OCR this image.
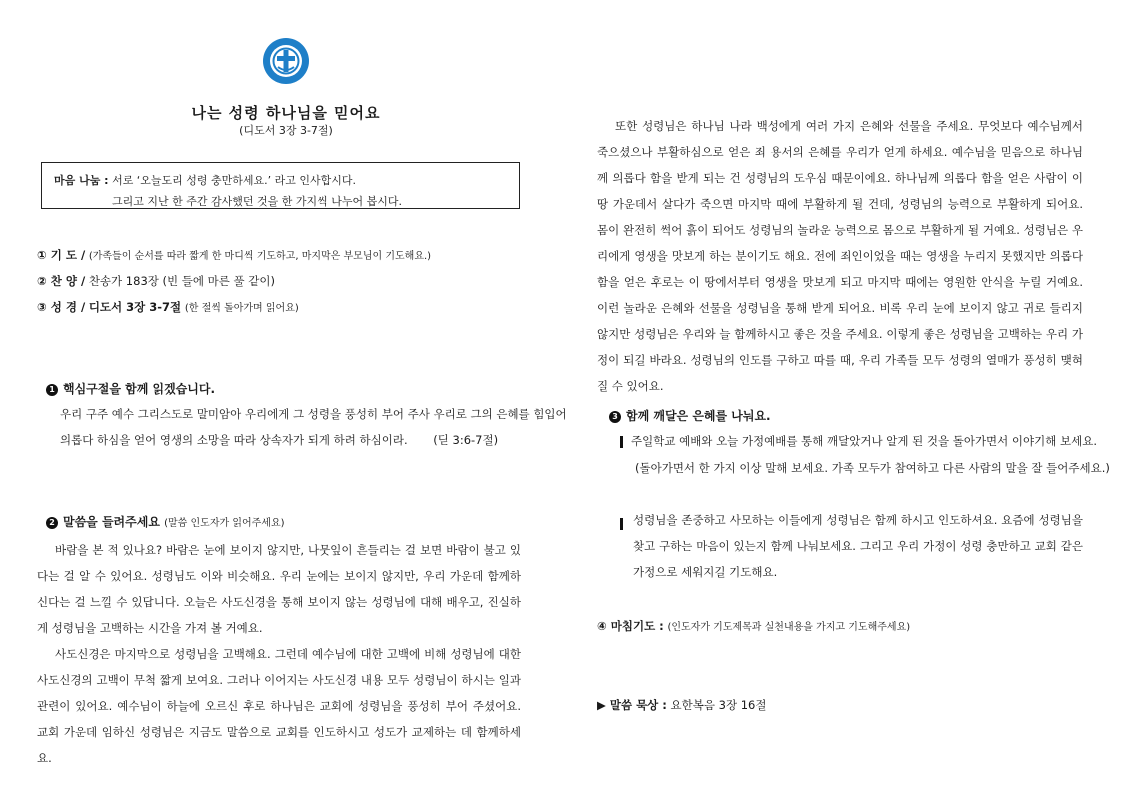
나는 성령 하나님을 믿어요
(디도서 3장 3-7절)
마음 나눔 : 서로 ‘오늘도리 성령 충만하세요.’ 라고 인사합시다.
그리고 지난 한 주간 감사했던 것을 한 가지씩 나누어 봅시다.
① 기 도 / (가족들이 순서를 따라 짧게 한 마디씩 기도하고, 마지막은 부모님이 기도해요.)
② 찬 양 / 찬송가 183장 (빈 들에 마른 풀 같이)
③ 성 경 / 디도서 3장 3-7절 (한 절씩 돌아가며 읽어요)
1 핵심구절을 함께 읽겠습니다.
우리 구주 예수 그리스도로 말미암아 우리에게 그 성령을 풍성히 부어 주사 우리로 그의 은혜를 힘입어
의롭다 하심을 얻어 영생의 소망을 따라 상속자가 되게 하려 하심이라. (딛 3:6-7절)
2 말씀을 들려주세요 (말씀 인도자가 읽어주세요)
바람을 본 적 있나요? 바람은 눈에 보이지 않지만, 나뭇잎이 흔들리는 걸 보면 바람이 불고 있다는 걸 알 수 있어요. 성령님도 이와 비슷해요. 우리 눈에는 보이지 않지만, 우리 가운데 함께하신다는 걸 느낄 수 있답니다. 오늘은 사도신경을 통해 보이지 않는 성령님에 대해 배우고, 진실하게 성령님을 고백하는 시간을 가져 볼 거예요.
사도신경은 마지막으로 성령님을 고백해요. 그런데 예수님에 대한 고백에 비해 성령님에 대한 사도신경의 고백이 무척 짧게 보여요. 그러나 이어지는 사도신경 내용 모두 성령님이 하시는 일과 관련이 있어요. 예수님이 하늘에 오르신 후로 하나님은 교회에 성령님을 풍성히 부어 주셨어요. 교회 가운데 임하신 성령님은 지금도 말씀으로 교회를 인도하시고 성도가 교제하는 데 함께하세요.
또한 성령님은 하나님 나라 백성에게 여러 가지 은혜와 선물을 주세요. 무엇보다 예수님께서 죽으셨으나 부활하심으로 얻은 죄 용서의 은혜를 우리가 얻게 하세요. 예수님을 믿음으로 하나님께 의롭다 함을 받게 되는 건 성령님의 도우심 때문이에요. 하나님께 의롭다 함을 얻은 사람이 이 땅 가운데서 살다가 죽으면 마지막 때에 부활하게 될 건데, 성령님의 능력으로 부활하게 되어요. 몸이 완전히 썩어 흙이 되어도 성령님의 놀라운 능력으로 몸으로 부활하게 될 거예요. 성령님은 우리에게 영생을 맛보게 하는 분이기도 해요. 전에 죄인이었을 때는 영생을 누리지 못했지만 의롭다 함을 얻은 후로는 이 땅에서부터 영생을 맛보게 되고 마지막 때에는 영원한 안식을 누릴 거예요. 이런 놀라운 은혜와 선물을 성령님을 통해 받게 되어요. 비록 우리 눈에 보이지 않고 귀로 들리지 않지만 성령님은 우리와 늘 함께하시고 좋은 것을 주세요. 이렇게 좋은 성령님을 고백하는 우리 가정이 되길 바라요. 성령님의 인도를 구하고 따를 때, 우리 가족들 모두 성령의 열매가 풍성히 맺혀질 수 있어요.
3 함께 깨달은 은혜를 나눠요.
주일학교 예배와 오늘 가정예배를 통해 깨달았거나 알게 된 것을 돌아가면서 이야기해 보세요.
(돌아가면서 한 가지 이상 말해 보세요. 가족 모두가 참여하고 다른 사람의 말을 잘 들어주세요.)
성령님을 존중하고 사모하는 이들에게 성령님은 함께 하시고 인도하셔요. 요즘에 성령님을 찾고 구하는 마음이 있는지 함께 나눠보세요. 그리고 우리 가정이 성령 충만하고 교회 같은 가정으로 세워지길 기도해요.
④ 마침기도 : (인도자가 기도제목과 실천내용을 가지고 기도해주세요)
▶ 말씀 묵상 : 요한복음 3장 16절
